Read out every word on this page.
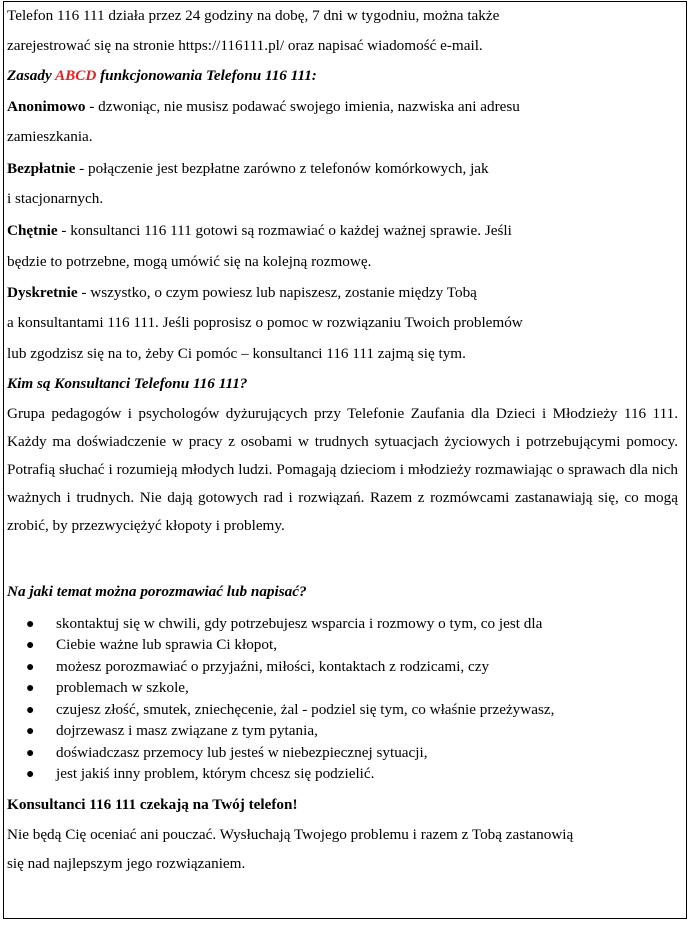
Telefon 116 111 działa przez 24 godziny na dobę, 7 dni w tygodniu, można także
zarejestrować się na stronie https://116111.pl/ oraz napisać wiadomość e-mail.
Zasady ABCD funkcjonowania Telefonu 116 111:
Anonimowo - dzwoniąc, nie musisz podawać swojego imienia, nazwiska ani adresu
zamieszkania.
Bezpłatnie - połączenie jest bezpłatne zarówno z telefonów komórkowych, jak
i stacjonarnych.
Chętnie - konsultanci 116 111 gotowi są rozmawiać o każdej ważnej sprawie. Jeśli
będzie to potrzebne, mogą umówić się na kolejną rozmowę.
Dyskretnie - wszystko, o czym powiesz lub napiszesz, zostanie między Tobą
a konsultantami 116 111. Jeśli poprosisz o pomoc w rozwiązaniu Twoich problemów
lub zgodzisz się na to, żeby Ci pomóc – konsultanci 116 111 zajmą się tym.
Kim są Konsultanci Telefonu 116 111?
Grupa pedagogów i psychologów dyżurujących przy Telefonie Zaufania dla Dzieci i Młodzieży 116 111. Każdy ma doświadczenie w pracy z osobami w trudnych sytuacjach życiowych i potrzebującymi pomocy. Potrafią słuchać i rozumieją młodych ludzi. Pomagają dzieciom i młodzieży rozmawiając o sprawach dla nich ważnych i trudnych. Nie dają gotowych rad i rozwiązań. Razem z rozmówcami zastanawiają się, co mogą zrobić, by przezwyciężyć kłopoty i problemy.
Na jaki temat można porozmawiać lub napisać?
● skontaktuj się w chwili, gdy potrzebujesz wsparcia i rozmowy o tym, co jest dla
● Ciebie ważne lub sprawia Ci kłopot,
● możesz porozmawiać o przyjaźni, miłości, kontaktach z rodzicami, czy
● problemach w szkole,
● czujesz złość, smutek, zniechęcenie, żal - podziel się tym, co właśnie przeżywasz,
● dojrzewasz i masz związane z tym pytania,
● doświadczasz przemocy lub jesteś w niebezpiecznej sytuacji,
● jest jakiś inny problem, którym chcesz się podzielić.
Konsultanci 116 111 czekają na Twój telefon!
Nie będą Cię oceniać ani pouczać. Wysłuchają Twojego problemu i razem z Tobą zastanowią
się nad najlepszym jego rozwiązaniem.
